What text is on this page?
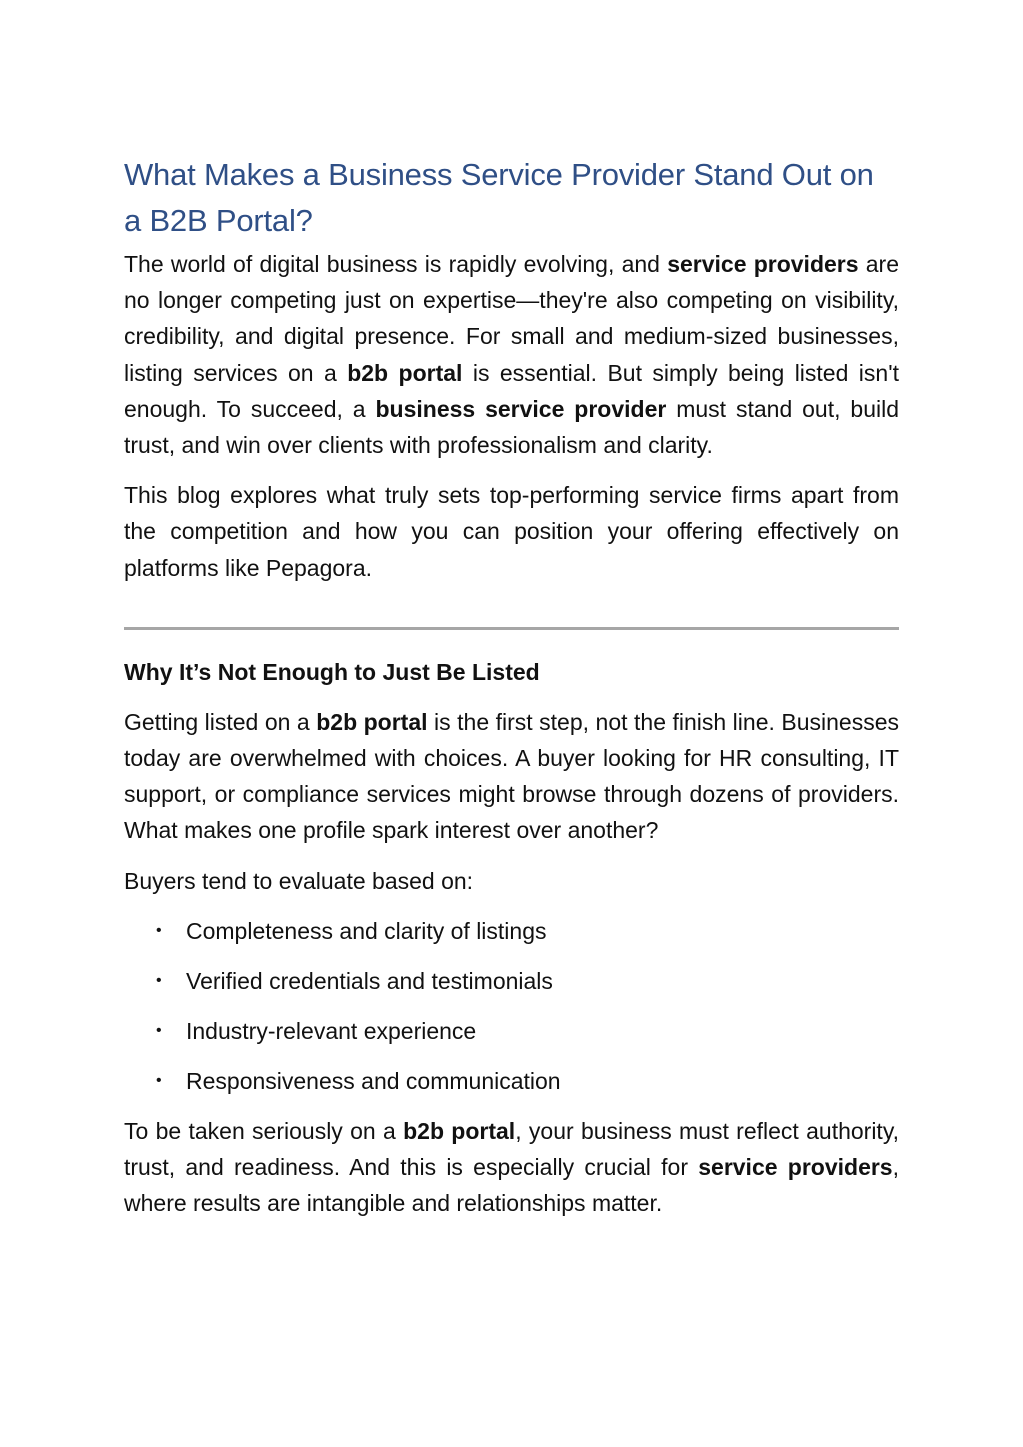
What Makes a Business Service Provider Stand Out on a B2B Portal?

The world of digital business is rapidly evolving, and service providers are no longer competing just on expertise—they're also competing on visibility, credibility, and digital presence. For small and medium-sized businesses, listing services on a b2b portal is essential. But simply being listed isn't enough. To succeed, a business service provider must stand out, build trust, and win over clients with professionalism and clarity.

This blog explores what truly sets top-performing service firms apart from the competition and how you can position your offering effectively on platforms like Pepagora.

Why It’s Not Enough to Just Be Listed

Getting listed on a b2b portal is the first step, not the finish line. Businesses today are overwhelmed with choices. A buyer looking for HR consulting, IT support, or compliance services might browse through dozens of providers. What makes one profile spark interest over another?

Buyers tend to evaluate based on:

• Completeness and clarity of listings
• Verified credentials and testimonials
• Industry-relevant experience
• Responsiveness and communication

To be taken seriously on a b2b portal, your business must reflect authority, trust, and readiness. And this is especially crucial for service providers, where results are intangible and relationships matter.
